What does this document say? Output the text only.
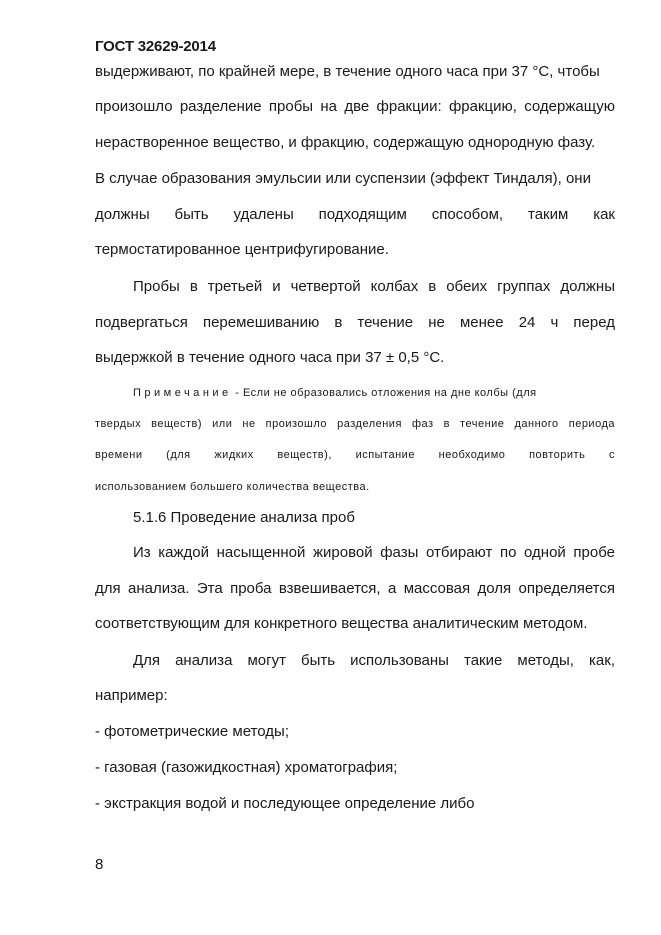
ГОСТ 32629-2014
выдерживают, по крайней мере, в течение одного часа при 37 °С, чтобы
произошло разделение пробы на две фракции: фракцию, содержащую
нерастворенное вещество, и фракцию, содержащую однородную фазу.
В случае образования эмульсии или суспензии (эффект Тиндаля), они
должны быть удалены подходящим способом, таким как
термостатированное центрифугирование.
Пробы в третьей и четвертой колбах в обеих группах должны
подвергаться перемешиванию в течение не менее 24 ч перед
выдержкой в течение одного часа при 37 ± 0,5 °С.
Примечание - Если не образовались отложения на дне колбы (для
твердых веществ) или не произошло разделения фаз в течение данного периода
времени (для жидких веществ), испытание необходимо повторить с
использованием большего количества вещества.
5.1.6 Проведение анализа проб
Из каждой насыщенной жировой фазы отбирают по одной пробе
для анализа. Эта проба взвешивается, а массовая доля определяется
соответствующим для конкретного вещества аналитическим методом.
Для анализа могут быть использованы такие методы, как,
например:
- фотометрические методы;
- газовая (газожидкостная) хроматография;
- экстракция водой и последующее определение либо
8
